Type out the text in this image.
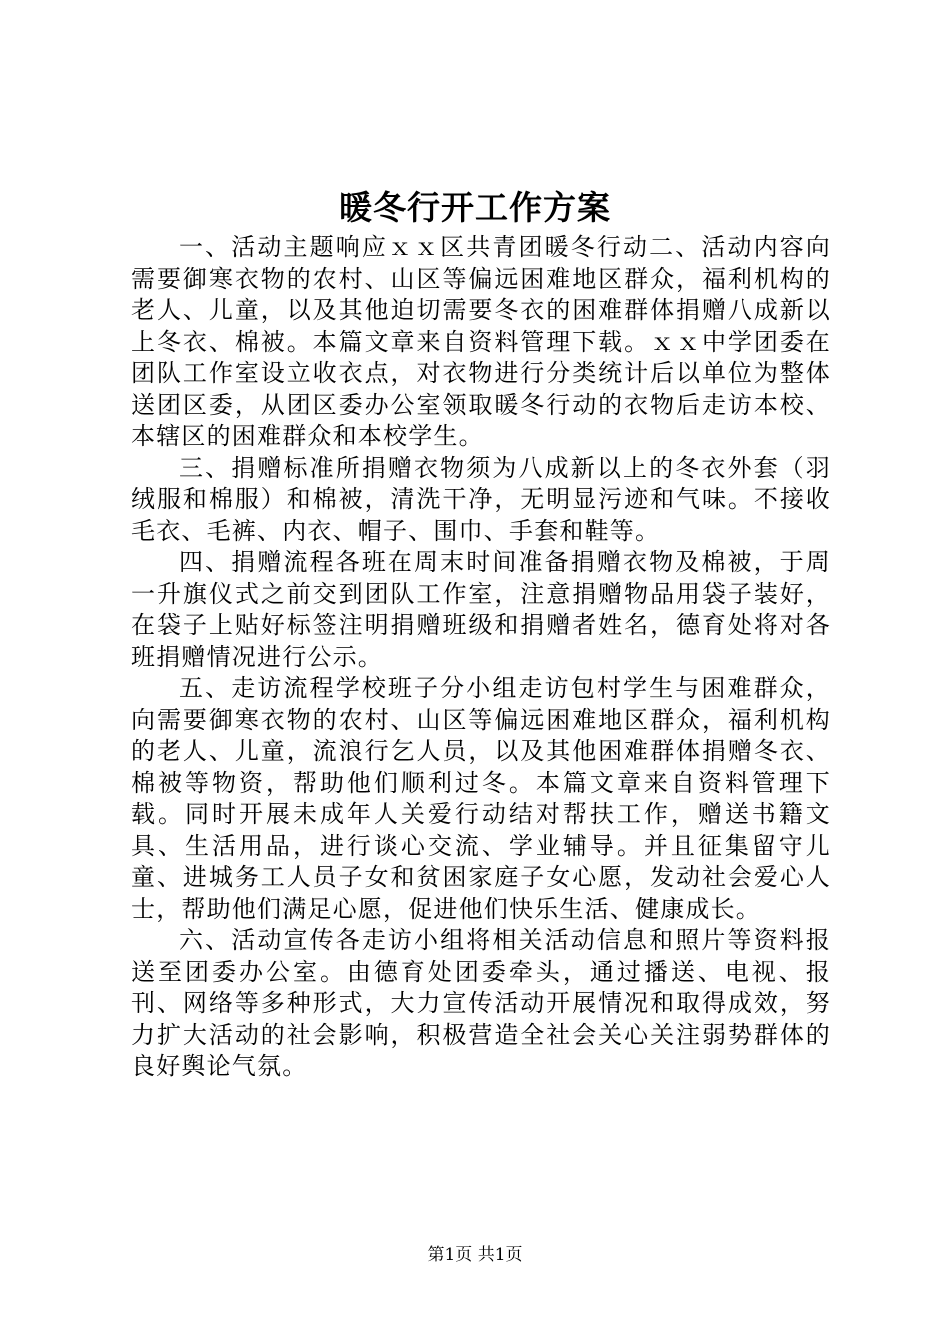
暖冬行开工作方案

一、活动主题响应ｘｘ区共青团暖冬行动二、活动内容向需要御寒衣物的农村、山区等偏远困难地区群众，福利机构的老人、儿童，以及其他迫切需要冬衣的困难群体捐赠八成新以上冬衣、棉被。本篇文章来自资料管理下载。ｘｘ中学团委在团队工作室设立收衣点，对衣物进行分类统计后以单位为整体送团区委，从团区委办公室领取暖冬行动的衣物后走访本校、本辖区的困难群众和本校学生。

三、捐赠标准所捐赠衣物须为八成新以上的冬衣外套（羽绒服和棉服）和棉被，清洗干净，无明显污迹和气味。不接收毛衣、毛裤、内衣、帽子、围巾、手套和鞋等。

四、捐赠流程各班在周末时间准备捐赠衣物及棉被，于周一升旗仪式之前交到团队工作室，注意捐赠物品用袋子装好，在袋子上贴好标签注明捐赠班级和捐赠者姓名，德育处将对各班捐赠情况进行公示。

五、走访流程学校班子分小组走访包村学生与困难群众，向需要御寒衣物的农村、山区等偏远困难地区群众，福利机构的老人、儿童，流浪行乞人员，以及其他困难群体捐赠冬衣、棉被等物资，帮助他们顺利过冬。本篇文章来自资料管理下载。同时开展未成年人关爱行动结对帮扶工作，赠送书籍文具、生活用品，进行谈心交流、学业辅导。并且征集留守儿童、进城务工人员子女和贫困家庭子女心愿，发动社会爱心人士，帮助他们满足心愿，促进他们快乐生活、健康成长。

六、活动宣传各走访小组将相关活动信息和照片等资料报送至团委办公室。由德育处团委牵头，通过播送、电视、报刊、网络等多种形式，大力宣传活动开展情况和取得成效，努力扩大活动的社会影响，积极营造全社会关心关注弱势群体的良好舆论气氛。

第1页 共1页
